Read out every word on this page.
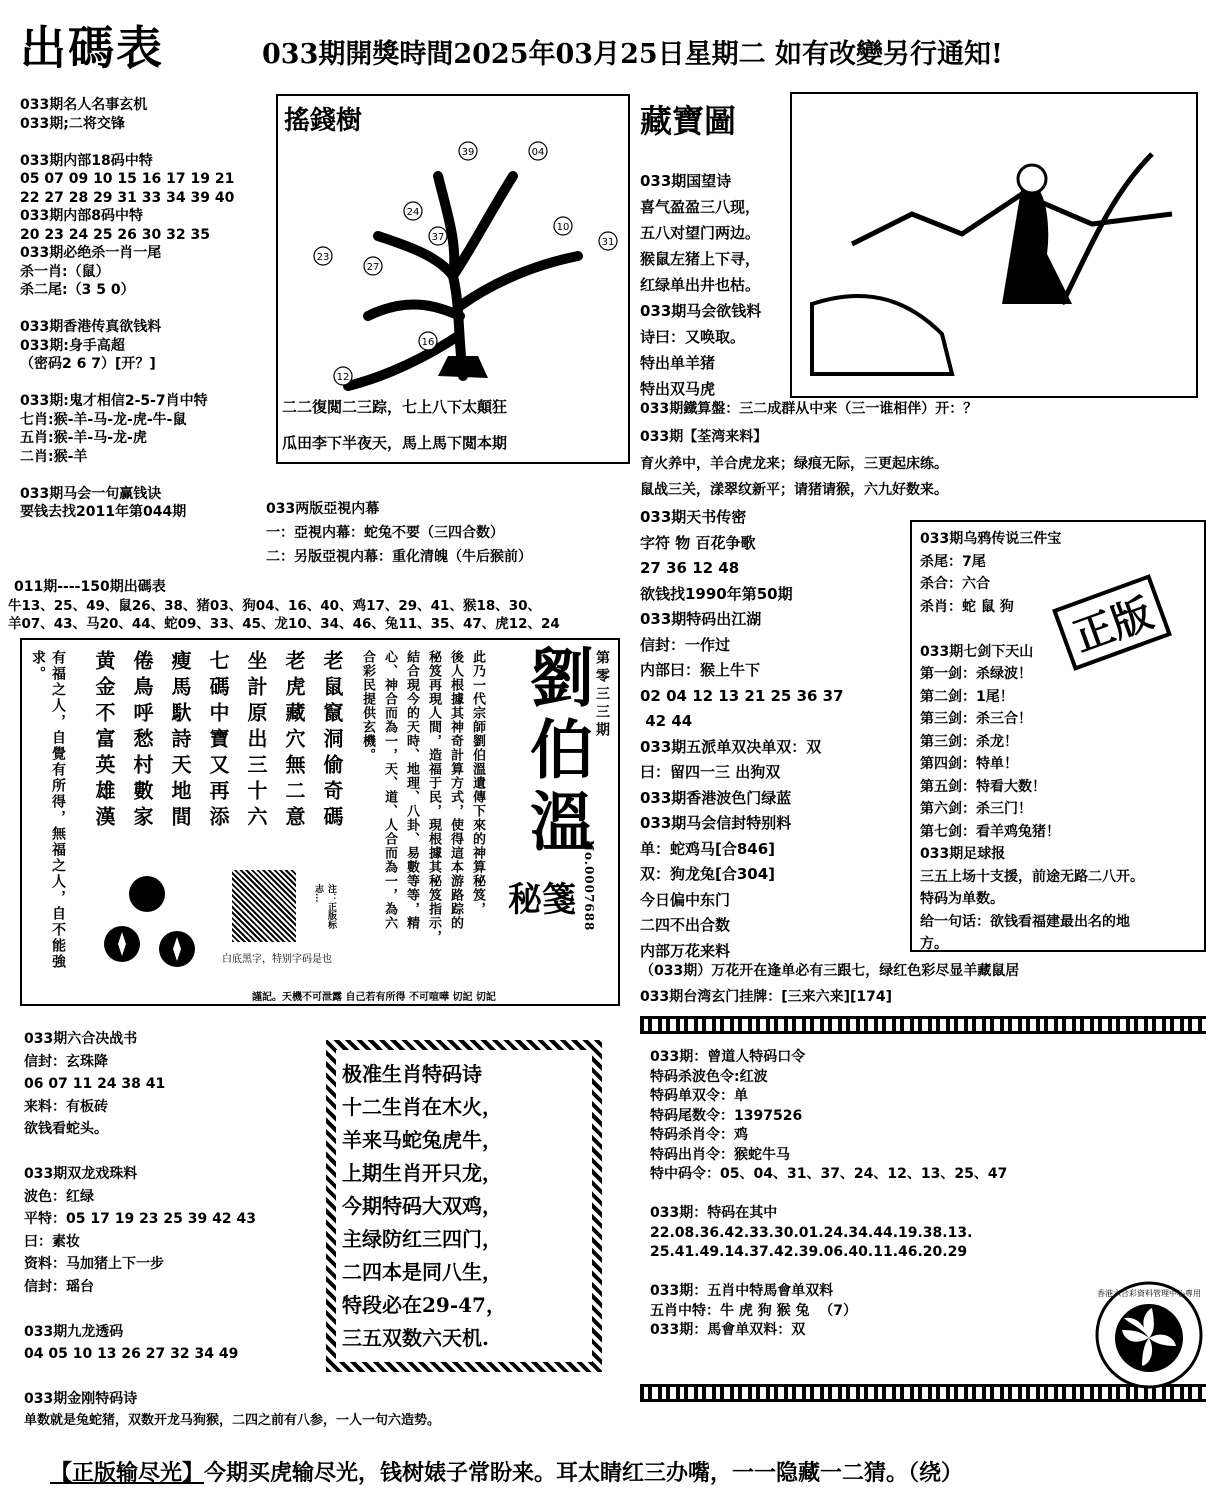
出碼表	033期開獎時間2025年03月25日星期二 如有改變另行通知!
033期名人名事玄机
033期;二将交锋
033期内部18码中特
05 07 09 10 15 16 17 19 21
22 27 28 29 31 33 34 39 40
033期内部8码中特
20 23 24 25 26 30 32 35
033期必绝杀一肖一尾
杀一肖:（鼠）
杀二尾:（3 5 0）
033期香港传真欲钱料
033期:身手高超
（密码2 6 7）[开？]
033期:鬼才相信2-5-7肖中特
七肖:猴-羊-马-龙-虎-牛-鼠
五肖:猴-羊-马-龙-虎
二肖:猴-羊
033期马会一句赢钱诀
要钱去找2011年第044期
搖錢樹
39	04
24
10
31
37
23
27
16
12
二二復閲二三踪，七上八下太顛狂
瓜田李下半夜天，馬上馬下閲本期
藏寶圖
033期国望诗
喜气盈盈三八现，
五八对望门两边。
猴鼠左猪上下寻，
红绿单出井也枯。
033期马会欲钱料
诗曰：又唤取。
特出单羊猪
特出双马虎
033期鐵算盤：三二成群从中来（三一谁相伴）开：？
033期【荃湾来料】
育火养中，羊合虎龙来；绿痕无际，三更起床练。
鼠战三关，漾翠纹新平；请猪请猴，六九好数来。
033两版亞視内幕
一：亞視内幕：蛇兔不要（三四合数）
二：另版亞視内幕：重化清魄（牛后猴前）
011期----150期出碼表
牛13、25、49、鼠26、38、猪03、狗04、16、40、鸡17、29、41、猴18、30、
羊07、43、马20、44、蛇09、33、45、龙10、34、46、兔11、35、47、虎12、24
有福之人，自覺有所得，無福之人，自不能強求。	老鼠竄洞偷奇碼
老虎藏穴無二意
坐計原出三十六
七碼中寶又再添
瘦馬馱詩天地間
倦鳥呼愁村數家
黄金不富英雄漢	此乃一代宗師劉伯溫遺傳下來的神算秘笈，
後人根據其神奇計算方式，使得這本游路踪的
秘笈再現人間，造福于民，現根據其秘笈指示，
結合現今的天時、地理、八卦、易數等等，精
心、神合而為一，天、道、人合而為一，為六
合彩民提供玄機。 劉伯溫 第零三三期
秘箋 No.0007688
注：正版标志...
白底黑字，特别字码是也
謹記。天機不可泄露 自己若有所得 不可喧嘩 切記 切記
033期乌鸦传说三件宝
杀尾：7尾
杀合：六合
杀肖：蛇 鼠 狗
033期七剑下天山
第一剑：杀绿波！
第二剑：1尾！
第三剑：杀三合！
第三剑：杀龙！
第四剑：特单！
第五剑：特看大数！
第六剑：杀三门！
第七剑：看羊鸡兔猪！
033期足球报
三五上场十支援，前途无路二八开。
特码为单数。
给一句话：欲钱看福建最出名的地
方。
正版
033期天书传密
字符 物 百花争歌
27 36 12 48
欲钱找1990年第50期
033期特码出江湖
信封：一作过
内部曰：猴上牛下
02 04 12 13 21 25 36 37
42 44
033期五派单双决单双：双
曰：留四一三 出狗双
033期香港波色门绿蓝
033期马会信封特别料
单：蛇鸡马[合846]
双：狗龙兔[合304]
今日偏中东门
二四不出合数
内部万花来料
（033期）万花开在逢单必有三跟七，绿红色彩尽显羊藏鼠居
033期台湾玄门挂牌：[三来六来][174]
033期六合决战书
信封：玄珠降
06 07 11 24 38 41
来料：有板砖
欲钱看蛇头。
033期双龙戏珠料
波色：红绿
平特：05 17 19 23 25 39 42 43
曰：素妆
资料：马加猪上下一步
信封：瑶台
033期九龙透码
04 05 10 13 26 27 32 34 49
033期金刚特码诗
单数就是兔蛇猪，双数开龙马狗猴，二四之前有八参，一人一句六造势。
极准生肖特码诗
十二生肖在木火，
羊来马蛇兔虎牛，
上期生肖开只龙，
今期特码大双鸡，
主绿防红三四门，
二四本是同八生，
特段必在29-47，
三五双数六天机.
033期：曾道人特码口令
特码杀波色令:红波
特码单双令：单
特码尾数令：1397526
特码杀肖令：鸡
特码出肖令：猴蛇牛马
特中码令：05、04、31、37、24、12、13、25、47
033期：特码在其中
22.08.36.42.33.30.01.24.34.44.19.38.13.
25.41.49.14.37.42.39.06.40.11.46.20.29
033期：五肖中特馬會单双料
五肖中特：牛 虎 狗 猴 兔  （7）
033期：馬會单双料：双
香港六合彩資料管理中心專用
【正版输尽光】今期买虎输尽光，钱树婊子常盼来。耳太睛红三办嘴，一一隐藏一二猜。（绕）
